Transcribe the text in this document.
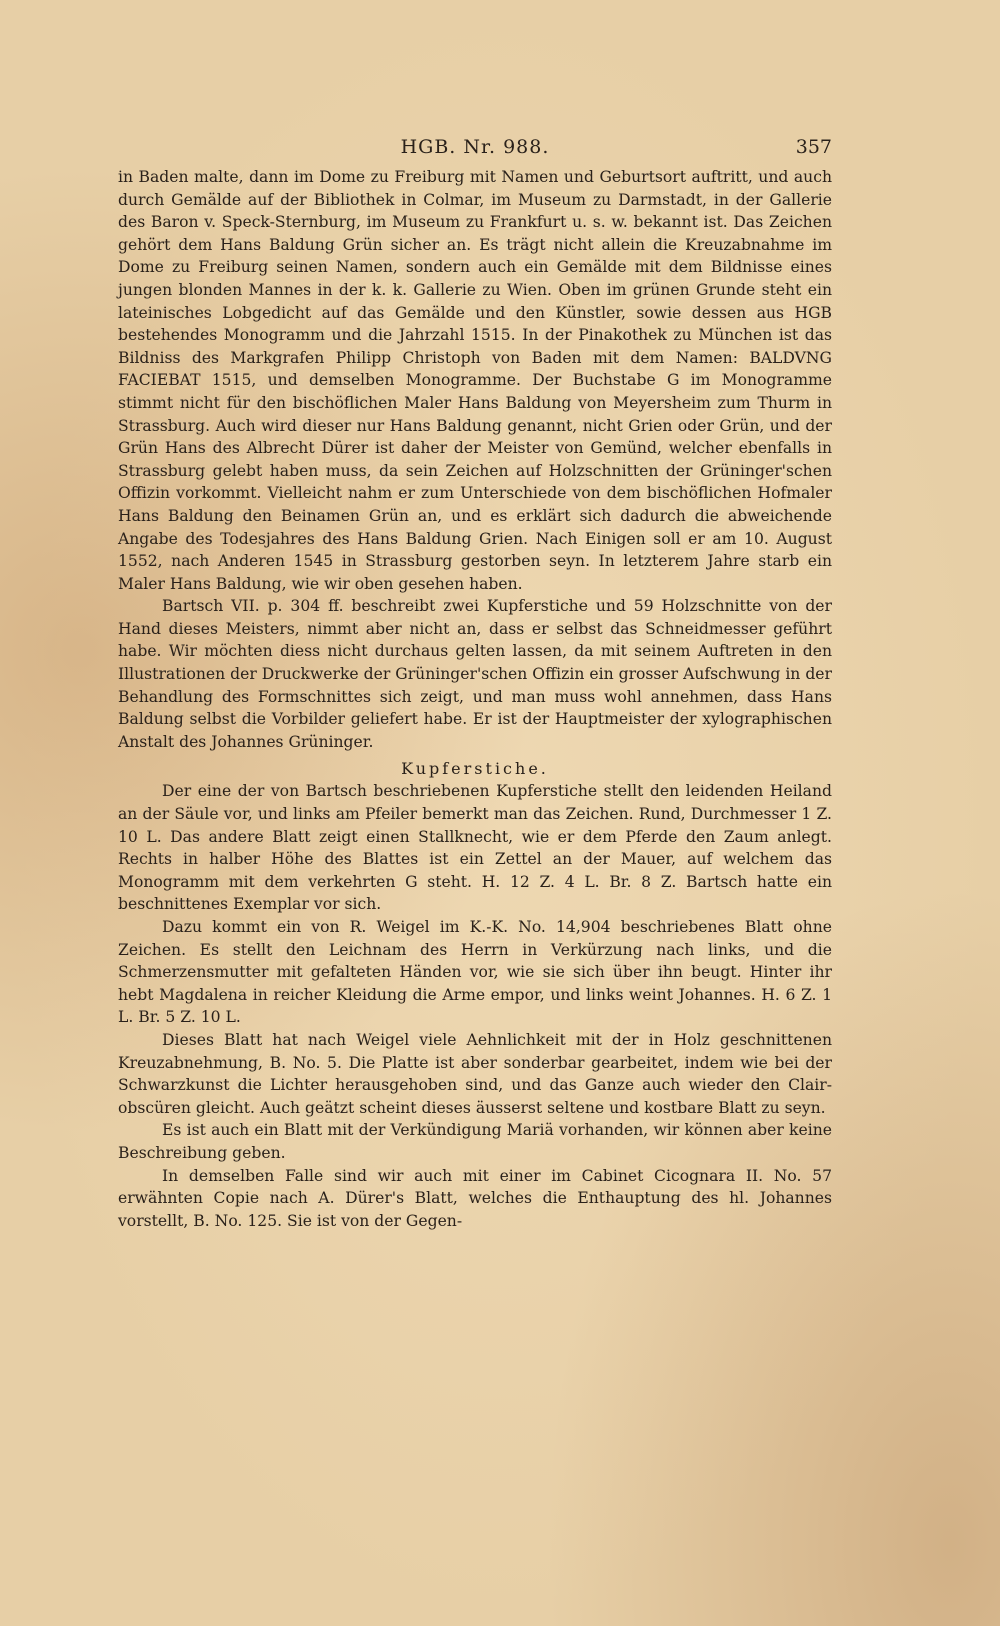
HGB. Nr. 988.	357

in Baden malte, dann im Dome zu Freiburg mit Namen und Geburtsort auftritt, und auch durch Gemälde auf der Bibliothek in Colmar, im Museum zu Darmstadt, in der Gallerie des Baron v. Speck-Sternburg, im Museum zu Frankfurt u. s. w. bekannt ist. Das Zeichen gehört dem Hans Baldung Grün sicher an. Es trägt nicht allein die Kreuzabnahme im Dome zu Freiburg seinen Namen, sondern auch ein Gemälde mit dem Bildnisse eines jungen blonden Mannes in der k. k. Gallerie zu Wien. Oben im grünen Grunde steht ein lateinisches Lobgedicht auf das Gemälde und den Künstler, sowie dessen aus HGB bestehendes Monogramm und die Jahrzahl 1515. In der Pinakothek zu München ist das Bildniss des Markgrafen Philipp Christoph von Baden mit dem Namen: BALDVNG FACIEBAT 1515, und demselben Monogramme. Der Buchstabe G im Monogramme stimmt nicht für den bischöflichen Maler Hans Baldung von Meyersheim zum Thurm in Strassburg. Auch wird dieser nur Hans Baldung genannt, nicht Grien oder Grün, und der Grün Hans des Albrecht Dürer ist daher der Meister von Gemünd, welcher ebenfalls in Strassburg gelebt haben muss, da sein Zeichen auf Holzschnitten der Grüninger'schen Offizin vorkommt. Vielleicht nahm er zum Unterschiede von dem bischöflichen Hofmaler Hans Baldung den Beinamen Grün an, und es erklärt sich dadurch die abweichende Angabe des Todesjahres des Hans Baldung Grien. Nach Einigen soll er am 10. August 1552, nach Anderen 1545 in Strassburg gestorben seyn. In letzterem Jahre starb ein Maler Hans Baldung, wie wir oben gesehen haben.

Bartsch VII. p. 304 ff. beschreibt zwei Kupferstiche und 59 Holzschnitte von der Hand dieses Meisters, nimmt aber nicht an, dass er selbst das Schneidmesser geführt habe. Wir möchten diess nicht durchaus gelten lassen, da mit seinem Auftreten in den Illustrationen der Druckwerke der Grüninger'schen Offizin ein grosser Aufschwung in der Behandlung des Formschnittes sich zeigt, und man muss wohl annehmen, dass Hans Baldung selbst die Vorbilder geliefert habe. Er ist der Hauptmeister der xylographischen Anstalt des Johannes Grüninger.

Kupferstiche.

Der eine der von Bartsch beschriebenen Kupferstiche stellt den leidenden Heiland an der Säule vor, und links am Pfeiler bemerkt man das Zeichen. Rund, Durchmesser 1 Z. 10 L. Das andere Blatt zeigt einen Stallknecht, wie er dem Pferde den Zaum anlegt. Rechts in halber Höhe des Blattes ist ein Zettel an der Mauer, auf welchem das Monogramm mit dem verkehrten G steht. H. 12 Z. 4 L. Br. 8 Z. Bartsch hatte ein beschnittenes Exemplar vor sich.

Dazu kommt ein von R. Weigel im K.-K. No. 14,904 beschriebenes Blatt ohne Zeichen. Es stellt den Leichnam des Herrn in Verkürzung nach links, und die Schmerzensmutter mit gefalteten Händen vor, wie sie sich über ihn beugt. Hinter ihr hebt Magdalena in reicher Kleidung die Arme empor, und links weint Johannes. H. 6 Z. 1 L. Br. 5 Z. 10 L.

Dieses Blatt hat nach Weigel viele Aehnlichkeit mit der in Holz geschnittenen Kreuzabnehmung, B. No. 5. Die Platte ist aber sonderbar gearbeitet, indem wie bei der Schwarzkunst die Lichter herausgehoben sind, und das Ganze auch wieder den Clair-obscüren gleicht. Auch geätzt scheint dieses äusserst seltene und kostbare Blatt zu seyn.

Es ist auch ein Blatt mit der Verkündigung Mariä vorhanden, wir können aber keine Beschreibung geben.

In demselben Falle sind wir auch mit einer im Cabinet Cicognara II. No. 57 erwähnten Copie nach A. Dürer's Blatt, welches die Enthauptung des hl. Johannes vorstellt, B. No. 125. Sie ist von der Gegen-
